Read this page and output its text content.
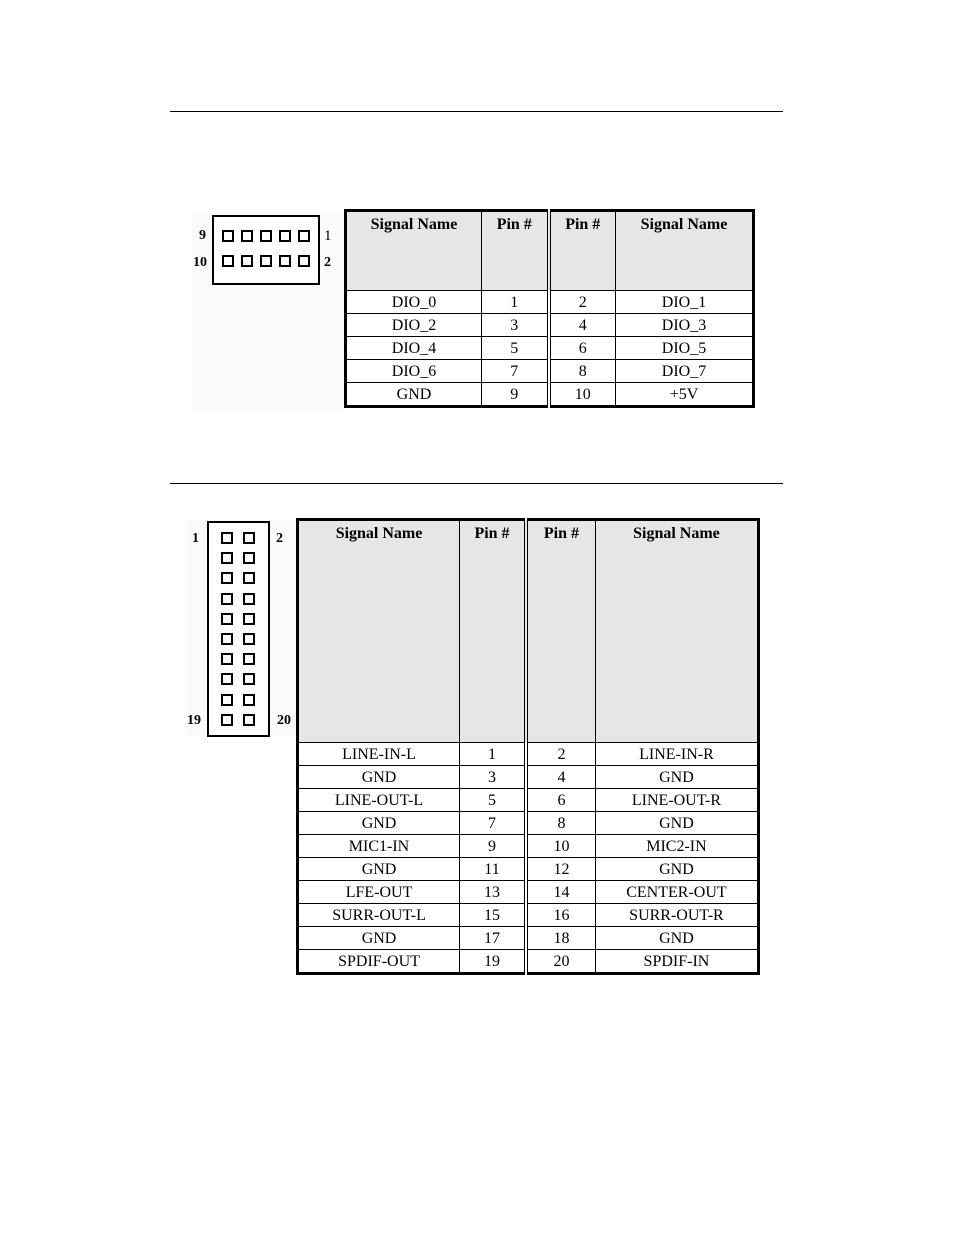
9	1
10	2
Signal Name	Pin #	Pin #	Signal Name
DIO_0	1	2	DIO_1
DIO_2	3	4	DIO_3
DIO_4	5	6	DIO_5
DIO_6	7	8	DIO_7
GND	9	10	+5V
1	2
19	20
Signal Name	Pin #	Pin #	Signal Name
LINE-IN-L	1	2	LINE-IN-R
GND	3	4	GND
LINE-OUT-L	5	6	LINE-OUT-R
GND	7	8	GND
MIC1-IN	9	10	MIC2-IN
GND	11	12	GND
LFE-OUT	13	14	CENTER-OUT
SURR-OUT-L	15	16	SURR-OUT-R
GND	17	18	GND
SPDIF-OUT	19	20	SPDIF-IN
